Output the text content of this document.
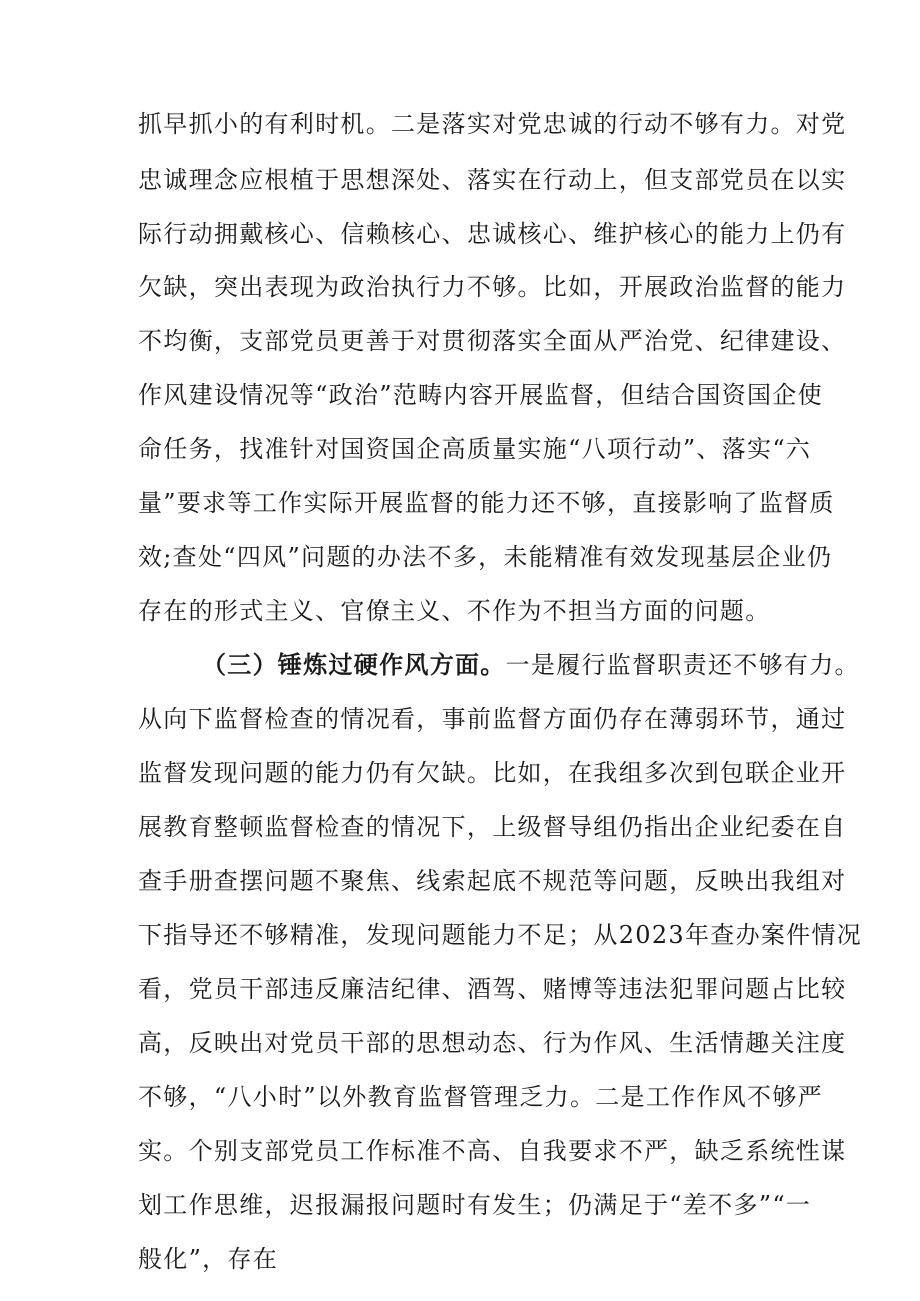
抓早抓小的有利时机。二是落实对党忠诚的行动不够有力。对党
忠诚理念应根植于思想深处、落实在行动上，但支部党员在以实
际行动拥戴核心、信赖核心、忠诚核心、维护核心的能力上仍有
欠缺，突出表现为政治执行力不够。比如，开展政治监督的能力
不均衡，支部党员更善于对贯彻落实全面从严治党、纪律建设、
作风建设情况等“政治”范畴内容开展监督，但结合国资国企使
命任务，找准针对国资国企高质量实施“八项行动”、落实“六
量”要求等工作实际开展监督的能力还不够，直接影响了监督质
效;查处“四风”问题的办法不多，未能精准有效发现基层企业仍
存在的形式主义、官僚主义、不作为不担当方面的问题。
（三）锤炼过硬作风方面。一是履行监督职责还不够有力。
从向下监督检查的情况看，事前监督方面仍存在薄弱环节，通过
监督发现问题的能力仍有欠缺。比如，在我组多次到包联企业开
展教育整顿监督检查的情况下，上级督导组仍指出企业纪委在自
查手册查摆问题不聚焦、线索起底不规范等问题，反映出我组对
下指导还不够精准，发现问题能力不足；从2023年查办案件情况
看，党员干部违反廉洁纪律、酒驾、赌博等违法犯罪问题占比较
高，反映出对党员干部的思想动态、行为作风、生活情趣关注度
不够，“八小时”以外教育监督管理乏力。二是工作作风不够严
实。个别支部党员工作标准不高、自我要求不严，缺乏系统性谋
划工作思维，迟报漏报问题时有发生；仍满足于“差不多”“一
般化”，存在
